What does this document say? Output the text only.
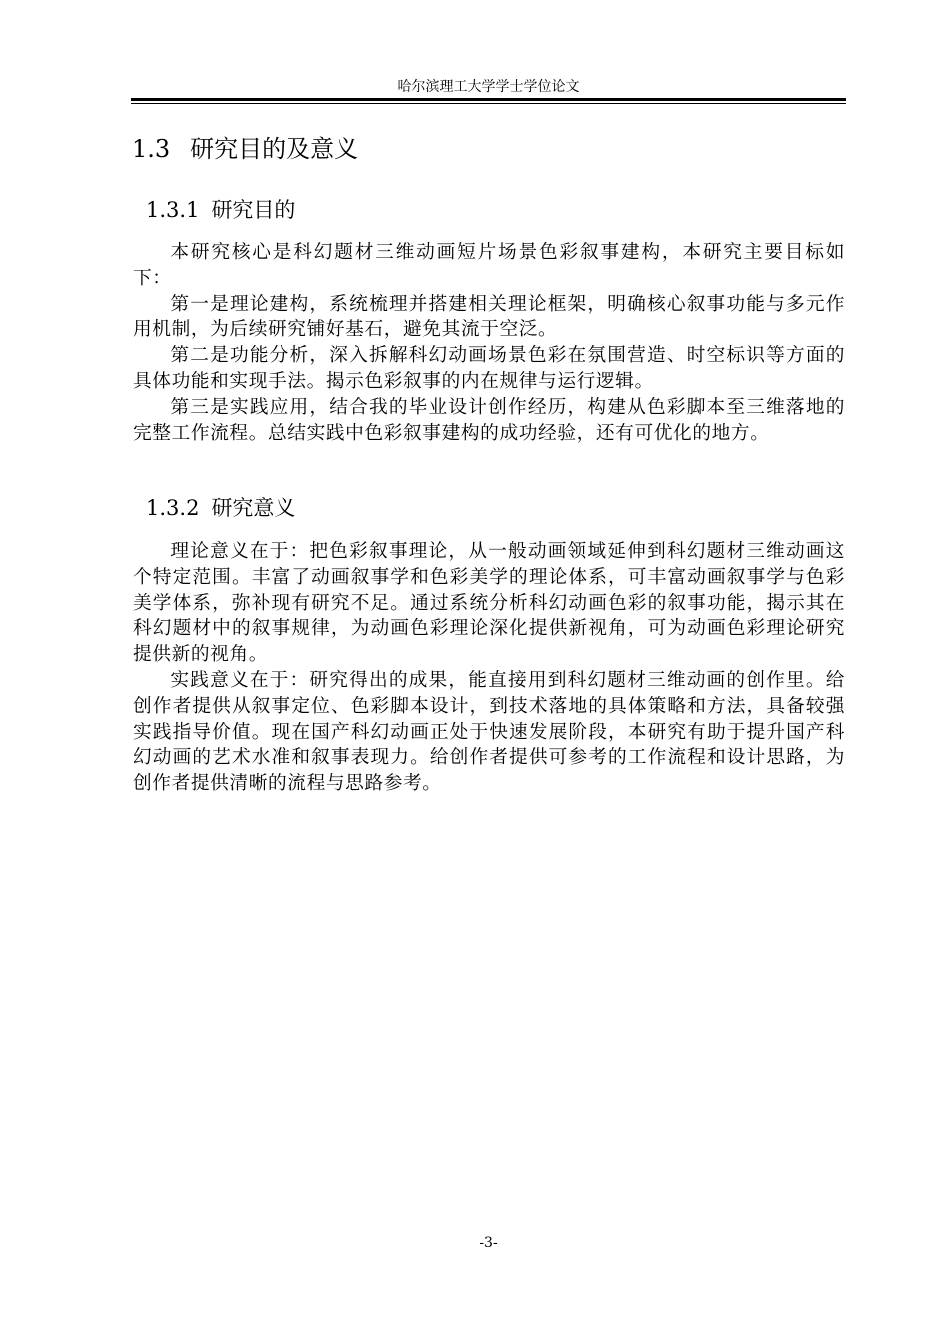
哈尔滨理工大学学士学位论文
1.3 研究目的及意义
1.3.1 研究目的

本研究核心是科幻题材三维动画短片场景色彩叙事建构，本研究主要目标如下：

第一是理论建构，系统梳理并搭建相关理论框架，明确核心叙事功能与多元作用机制，为后续研究铺好基石，避免其流于空泛。

第二是功能分析，深入拆解科幻动画场景色彩在氛围营造、时空标识等方面的具体功能和实现手法。揭示色彩叙事的内在规律与运行逻辑。

第三是实践应用，结合我的毕业设计创作经历，构建从色彩脚本至三维落地的完整工作流程。总结实践中色彩叙事建构的成功经验，还有可优化的地方。

1.3.2 研究意义

理论意义在于：把色彩叙事理论，从一般动画领域延伸到科幻题材三维动画这个特定范围。丰富了动画叙事学和色彩美学的理论体系，可丰富动画叙事学与色彩美学体系，弥补现有研究不足。通过系统分析科幻动画色彩的叙事功能，揭示其在科幻题材中的叙事规律，为动画色彩理论深化提供新视角，可为动画色彩理论研究提供新的视角。

实践意义在于：研究得出的成果，能直接用到科幻题材三维动画的创作里。给创作者提供从叙事定位、色彩脚本设计，到技术落地的具体策略和方法，具备较强实践指导价值。现在国产科幻动画正处于快速发展阶段，本研究有助于提升国产科幻动画的艺术水准和叙事表现力。给创作者提供可参考的工作流程和设计思路，为创作者提供清晰的流程与思路参考。

-3-
